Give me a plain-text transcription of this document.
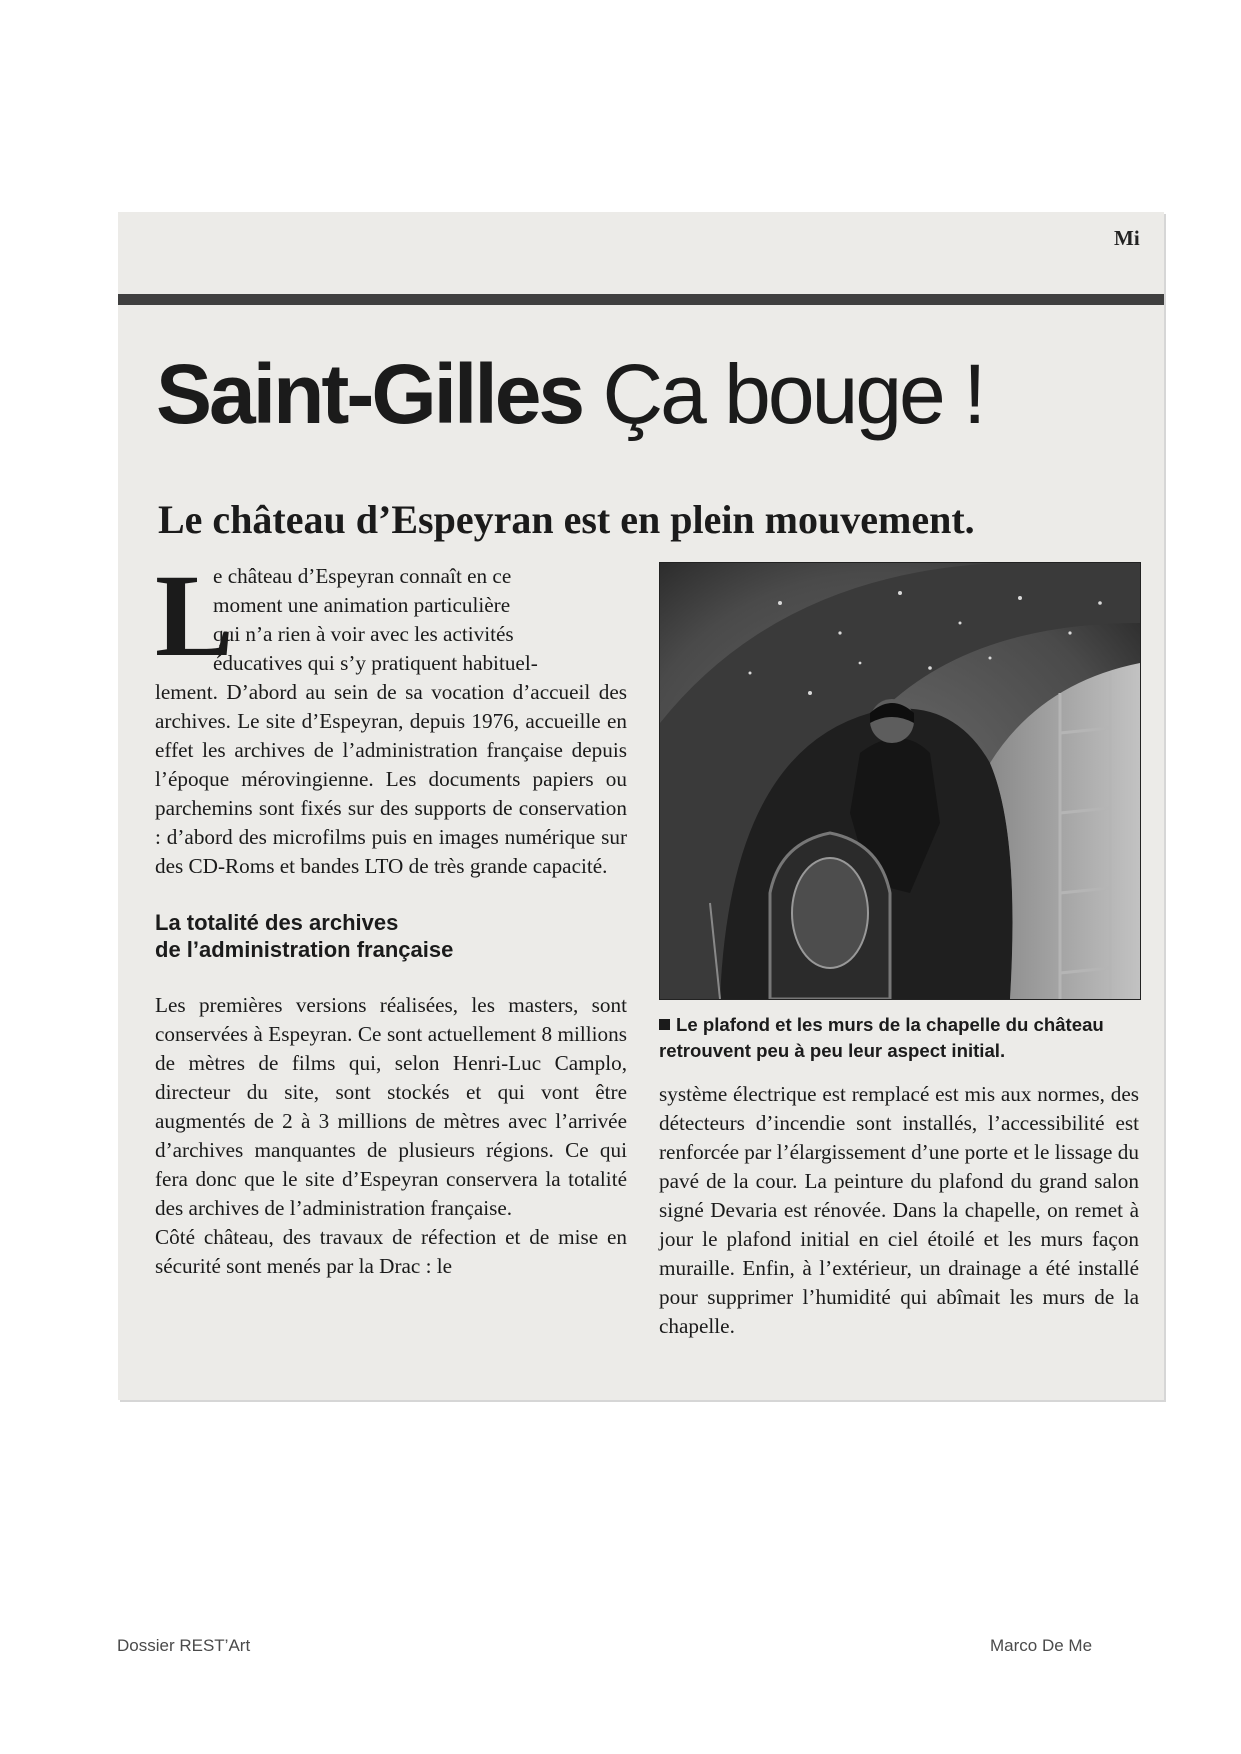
Mi
Saint-Gilles Ça bouge !
Le château d’Espeyran est en plein mouvement.
L

e château d’Espeyran connaît en ce
moment une animation particulière
qui n’a rien à voir avec les activités
éducatives qui s’y pratiquent habituel-
lement. D’abord au sein de sa vocation d’accueil des archives. Le site d’Espeyran, depuis 1976, accueille en effet les archives de l’administration française depuis l’époque mérovingienne. Les documents papiers ou parchemins sont fixés sur des supports de conservation : d’abord des microfilms puis en images numérique sur des CD-Roms et bandes LTO de très grande capacité.

La totalité des archives
de l’administration française

Les premières versions réalisées, les masters, sont conservées à Espeyran. Ce sont actuellement 8 millions de mètres de films qui, selon Henri-Luc Camplo, directeur du site, sont stockés et qui vont être augmentés de 2 à 3 millions de mètres avec l’arrivée d’archives manquantes de plusieurs régions. Ce qui fera donc que le site d’Espeyran conservera la totalité des archives de l’administration française.

Côté château, des travaux de réfection et de mise en sécurité sont menés par la Drac : le

Le plafond et les murs de la chapelle du château retrouvent peu à peu leur aspect initial.

système électrique est remplacé est mis aux normes, des détecteurs d’incendie sont installés, l’accessibilité est renforcée par l’élargissement d’une porte et le lissage du pavé de la cour. La peinture du plafond du grand salon signé Devaria est rénovée. Dans la chapelle, on remet à jour le plafond initial en ciel étoilé et les murs façon muraille. Enfin, à l’extérieur, un drainage a été installé pour supprimer l’humidité qui abîmait les murs de la chapelle.

Dossier REST’Art	Marco De Me
